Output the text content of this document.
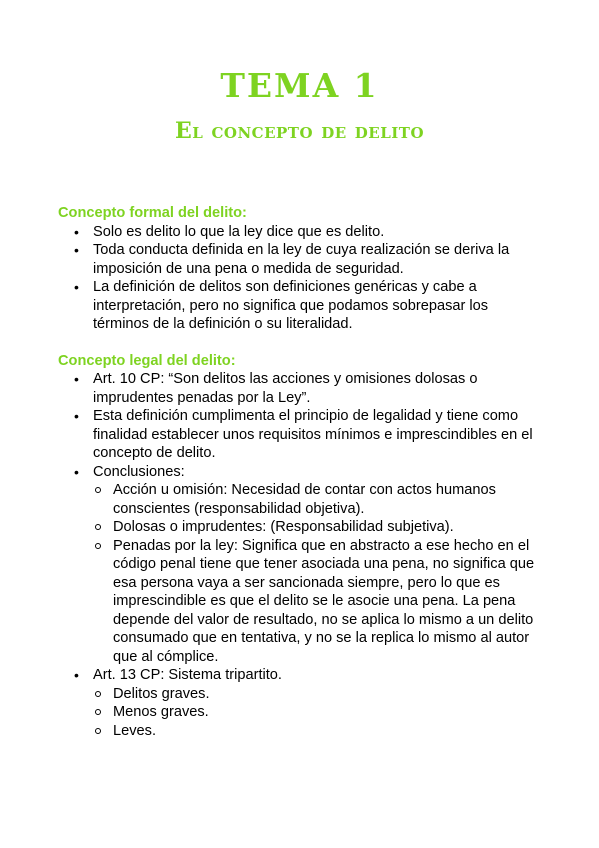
TEMA 1
El concepto de delito
Concepto formal del delito:
• Solo es delito lo que la ley dice que es delito.
• Toda conducta definida en la ley de cuya realización se deriva la imposición de una pena o medida de seguridad.
• La definición de delitos son definiciones genéricas y cabe a interpretación, pero no significa que podamos sobrepasar los términos de la definición o su literalidad.
Concepto legal del delito:
• Art. 10 CP: “Son delitos las acciones y omisiones dolosas o imprudentes penadas por la Ley”.
• Esta definición cumplimenta el principio de legalidad y tiene como finalidad establecer unos requisitos mínimos e imprescindibles en el concepto de delito.
• Conclusiones:
Acción u omisión: Necesidad de contar con actos humanos conscientes (responsabilidad objetiva).
Dolosas o imprudentes: (Responsabilidad subjetiva).
Penadas por la ley: Significa que en abstracto a ese hecho en el código penal tiene que tener asociada una pena, no significa que esa persona vaya a ser sancionada siempre, pero lo que es imprescindible es que el delito se le asocie una pena. La pena depende del valor de resultado, no se aplica lo mismo a un delito consumado que en tentativa, y no se la replica lo mismo al autor que al cómplice.
• Art. 13 CP: Sistema tripartito.
Delitos graves.
Menos graves.
Leves.
